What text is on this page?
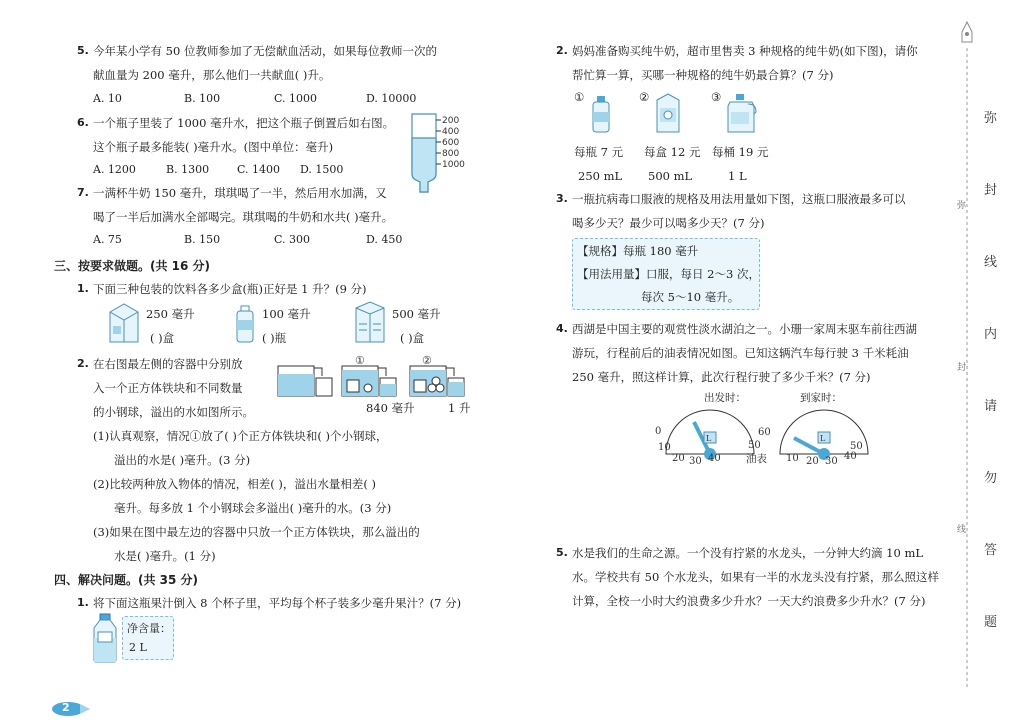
5. 今年某小学有 50 位教师参加了无偿献血活动，如果每位教师一次的
献血量为 200 毫升，那么他们一共献血( )升。
A. 10	B. 100	C. 1000	D. 10000
6. 一个瓶子里装了 1000 毫升水，把这个瓶子倒置后如右图。
这个瓶子最多能装( )毫升水。(图中单位：毫升)
A. 1200	B. 1300	C. 1400 D. 1500
200
400
600
800
1000
7. 一满杯牛奶 150 毫升，琪琪喝了一半，然后用水加满，又
喝了一半后加满水全部喝完。琪琪喝的牛奶和水共( )毫升。
A. 75	B. 150	C. 300	D. 450
三、按要求做题。(共 16 分)
1. 下面三种包装的饮料各多少盒(瓶)正好是 1 升？(9 分)
250 毫升
( )盒
100 毫升
( )瓶
500 毫升
( )盒
2. 在右图最左侧的容器中分别放
入一个正方体铁块和不同数量
的小钢球，溢出的水如图所示。
①	②
840 毫升	1 升
(1)认真观察，情况①放了( )个正方体铁块和( )个小钢球，
溢出的水是( )毫升。(3 分)
(2)比较两种放入物体的情况，相差( )，溢出水量相差( )
毫升。每多放 1 个小钢球会多溢出( )毫升的水。(3 分)
(3)如果在图中最左边的容器中只放一个正方体铁块，那么溢出的
水是( )毫升。(1 分)
四、解决问题。(共 35 分)
1. 将下面这瓶果汁倒入 8 个杯子里，平均每个杯子装多少毫升果汁？(7 分)
净含量：
2 L
2
2. 妈妈准备购买纯牛奶，超市里售卖 3 种规格的纯牛奶(如下图)，请你
帮忙算一算，买哪一种规格的纯牛奶最合算？(7 分)
①	②	③
每瓶 7 元 每盒 12 元 每桶 19 元
250 mL 500 mL	1 L
3. 一瓶抗病毒口服液的规格及用法用量如下图，这瓶口服液最多可以
喝多少天？最少可以喝多少天？(7 分)
【规格】每瓶 180 毫升
【用法用量】口服，每日 2～3 次，
每次 5～10 毫升。
4. 西湖是中国主要的观赏性淡水湖泊之一。小珊一家周末驱车前往西湖
游玩，行程前后的油表情况如图。已知这辆汽车每行驶 3 千米耗油
250 毫升，照这样计算，此次行程行驶了多少千米？(7 分)
出发时：	到家时：
L
0
10
20 30 40
50
60
L
10 20 30 40
50
油表
5. 水是我们的生命之源。一个没有拧紧的水龙头，一分钟大约滴 10 mL
水。学校共有 50 个水龙头，如果有一半的水龙头没有拧紧，那么照这样
计算，全校一小时大约浪费多少升水？一天大约浪费多少升水？(7 分)
弥
封
线
弥
封
线
内
请
勿
答
题
